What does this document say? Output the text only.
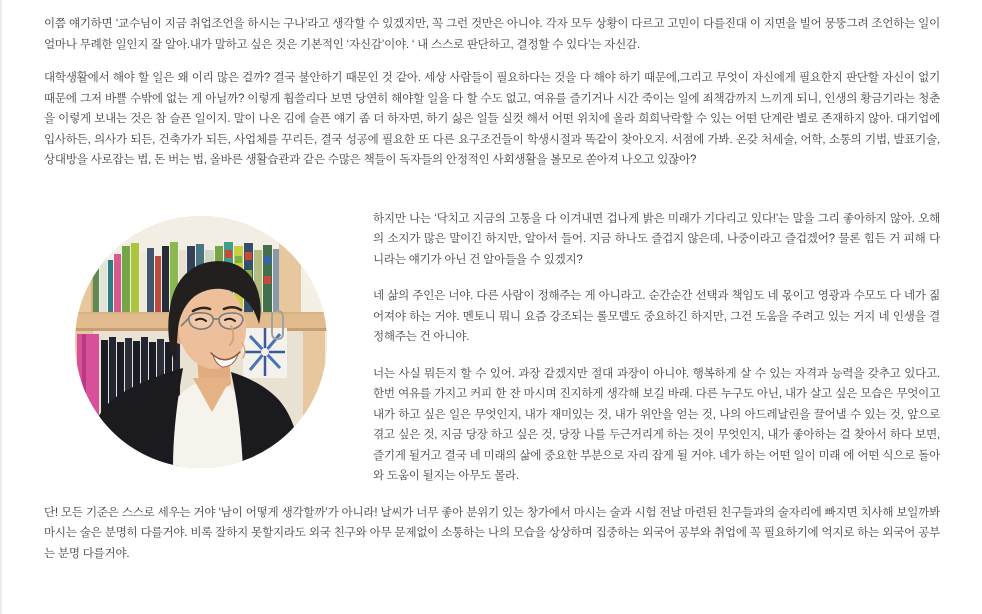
이쯤 얘기하면 ‘교수님이 지금 취업조언을 하시는 구나’라고 생각할 수 있겠지만, 꼭 그런 것만은 아니야. 각자 모두 상황이 다르고 고민이 다를진대 이 지면을 빌어 뭉뚱그려 조언하는 일이 얼마나 무례한 일인지 잘 알아.내가 말하고 싶은 것은 기본적인 ‘자신감’이야. ‘ 내 스스로 판단하고, 결정할 수 있다’는 자신감.

대학생활에서 해야 할 일은 왜 이리 많은 걸까? 결국 불안하기 때문인 것 같아. 세상 사람들이 필요하다는 것을 다 해야 하기 때문에,그리고 무엇이 자신에게 필요한지 판단할 자신이 없기 때문에 그저 바쁠 수밖에 없는 게 아닐까? 이렇게 휩쓸리다 보면 당연히 해야할 일을 다 할 수도 없고, 여유를 즐기거나 시간 죽이는 일에 죄책감까지 느끼게 되니, 인생의 황금기라는 청춘을 이렇게 보내는 것은 참 슬픈 일이지. 말이 나온 김에 슬픈 얘기 좀 더 하자면, 하기 싫은 일들 실컷 해서 어떤 위치에 올라 희희낙락할 수 있는 어떤 단계란 별로 존재하지 않아. 대기업에 입사하든, 의사가 되든, 건축가가 되든, 사업체를 꾸리든, 결국 성공에 필요한 또 다른 요구조건들이 학생시절과 똑같이 찾아오지. 서점에 가봐. 온갖 처세술, 어학, 소통의 기법, 발표기술, 상대방을 사로잡는 법, 돈 버는 법, 올바른 생활습관과 같은 수많은 책들이 독자들의 안정적인 사회생활을 볼모로 쏟아져 나오고 있잖아?

하지만 나는 ‘닥치고 지금의 고통을 다 이겨내면 겁나게 밝은 미래가 기다리고 있다!’는 말을 그리 좋아하지 않아. 오해의 소지가 많은 말이긴 하지만, 알아서 들어. 지금 하나도 즐겁지 않은데, 나중이라고 즐겁겠어? 물론 힘든 거 피해 다니라는 얘기가 아닌 건 알아들을 수 있겠지?

네 삶의 주인은 너야. 다른 사람이 정해주는 게 아니라고. 순간순간 선택과 책임도 네 몫이고 영광과 수모도 다 네가 짊어져야 하는 거야. 멘토니 뭐니 요즘 강조되는 롤모델도 중요하긴 하지만, 그건 도움을 주려고 있는 거지 네 인생을 결정해주는 건 아니야.

너는 사실 뭐든지 할 수 있어. 과장 같겠지만 절대 과장이 아니야. 행복하게 살 수 있는 자격과 능력을 갖추고 있다고. 한번 여유를 가지고 커피 한 잔 마시며 진지하게 생각해 보길 바래. 다른 누구도 아닌, 내가 살고 싶은 모습은 무엇이고 내가 하고 싶은 일은 무엇인지, 내가 재미있는 것, 내가 위안을 얻는 것, 나의 아드레날린을 끌어낼 수 있는 것, 앞으로 겪고 싶은 것, 지금 당장 하고 싶은 것, 당장 나를 두근거리게 하는 것이 무엇인지, 내가 좋아하는 걸 찾아서 하다 보면, 즐기게 될거고 결국 네 미래의 삶에 중요한 부분으로 자리 잡게 될 거야. 네가 하는 어떤 일이 미래 에 어떤 식으로 돌아와 도움이 될지는 아무도 몰라.

단! 모든 기준은 스스로 세우는 거야 ‘남이 어떻게 생각할까’가 아니라! 날씨가 너무 좋아 분위기 있는 창가에서 마시는 술과 시험 전날 마련된 친구들과의 술자리에 빠지면 치사해 보일까봐 마시는 술은 분명히 다를거야. 비록 잘하지 못할지라도 외국 친구와 아무 문제없이 소통하는 나의 모습을 상상하며 집중하는 외국어 공부와 취업에 꼭 필요하기에 억지로 하는 외국어 공부는 분명 다를거야.
